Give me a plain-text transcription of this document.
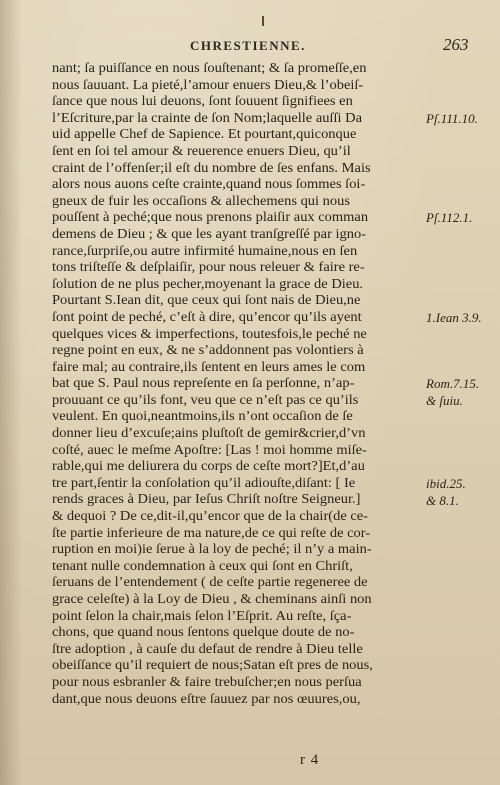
CHRESTIENNE.	263
nant; ſa puiſſance en nous ſouſtenant; & ſa promeſſe,en
nous ſauuant. La pieté,l’amour enuers Dieu,& l’obeiſ-
ſance que nous lui deuons, ſont ſouuent ſignifiees en
l’Eſcriture,par la crainte de ſon Nom;laquelle auſſi Da
uid appelle Chef de Sapience. Et pourtant,quiconque
ſent en ſoi tel amour & reuerence enuers Dieu, qu’il
craint de l’offenſer;il eſt du nombre de ſes enfans. Mais
alors nous auons ceſte crainte,quand nous ſommes ſoi-
gneux de fuir les occaſions & allechemens qui nous
pouſſent à peché;que nous prenons plaiſir aux comman
demens de Dieu ; & que les ayant tranſgreſſé par igno-
rance,ſurpriſe,ou autre infirmité humaine,nous en ſen
tons triſteſſe & deſplaiſir, pour nous releuer & faire re-
ſolution de ne plus pecher,moyenant la grace de Dieu.
Pourtant S.Iean dit, que ceux qui ſont nais de Dieu,ne
ſont point de peché, c’eſt à dire, qu’encor qu’ils ayent
quelques vices & imperfections, toutesfois,le peché ne
regne point en eux, & ne s’addonnent pas volontiers à
faire mal; au contraire,ils ſentent en leurs ames le com
bat que S. Paul nous repreſente en ſa perſonne, n’ap-
prouuant ce qu’ils font, veu que ce n’eſt pas ce qu’ils
veulent. En quoi,neantmoins,ils n’ont occaſion de ſe
donner lieu d’excuſe;ains pluſtoſt de gemir&crier,d’vn
coſté, auec le meſme Apoſtre: [Las ! moi homme miſe-
rable,qui me deliurera du corps de ceſte mort?]Et,d’au
tre part,ſentir la conſolation qu’il adiouſte,diſant: [ Ie
rends graces à Dieu, par Ieſus Chriſt noſtre Seigneur.]
& dequoi ? De ce,dit-il,qu’encor que de la chair(de ce-
ſte partie inferieure de ma nature,de ce qui reſte de cor-
ruption en moi)ie ſerue à la loy de peché; il n’y a main-
tenant nulle condemnation à ceux qui ſont en Chriſt,
ſeruans de l’entendement ( de ceſte partie regeneree de
grace celeſte) à la Loy de Dieu , & cheminans ainſi non
point ſelon la chair,mais ſelon l’Eſprit. Au reſte, ſça-
chons, que quand nous ſentons quelque doute de no-
ſtre adoption , à cauſe du defaut de rendre à Dieu telle
obeiſſance qu’il requiert de nous;Satan eſt pres de nous,
pour nous esbranler & faire trebuſcher;en nous perſua
dant,que nous deuons eſtre ſauuez par nos œuures,ou,
Pſ.111.10.
Pſ.112.1.
1.Iean 3.9.
Rom.7.15.
& ſuiu.
ibid.25.
& 8.1.
r 4
